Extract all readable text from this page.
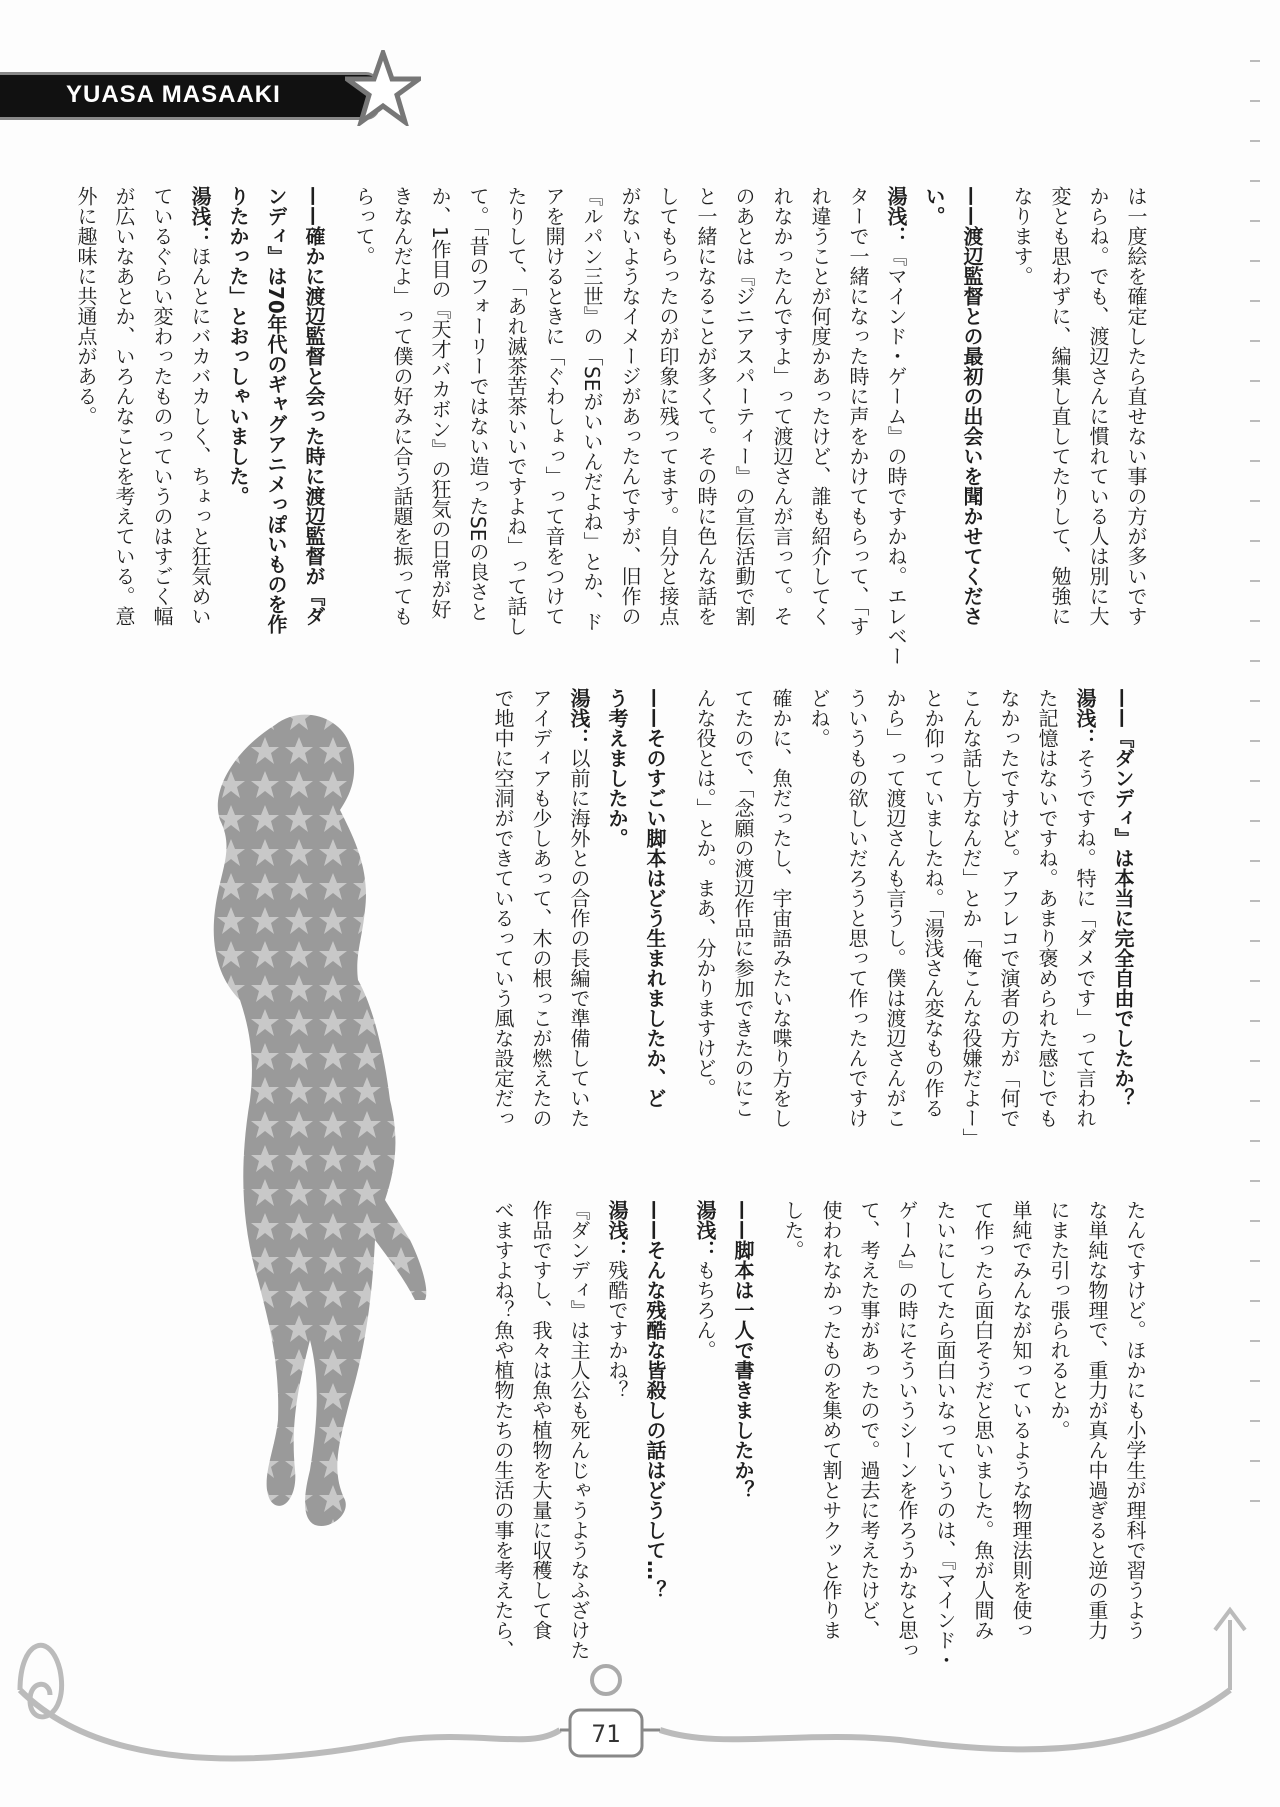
YUASA MASAAKI
は一度絵を確定したら直せない事の方が多いです
からね。でも、渡辺さんに慣れている人は別に大
変とも思わずに、編集し直してたりして、勉強に
なります。
——渡辺監督との最初の出会いを聞かせてくださ
い。
湯浅：『マインド・ゲーム』の時ですかね。エレベー
ターで一緒になった時に声をかけてもらって、「す
れ違うことが何度かあったけど、誰も紹介してく
れなかったんですよ」って渡辺さんが言って。そ
のあとは『ジニアスパーティー』の宣伝活動で割
と一緒になることが多くて。その時に色んな話を
してもらったのが印象に残ってます。自分と接点
がないようなイメージがあったんですが、旧作の
『ルパン三世』の「SEがいいんだよね」とか、ド
アを開けるときに「ぐわしょっ」って音をつけて
たりして、「あれ滅茶苦茶いいですよね」って話し
て。「昔のフォーリーではない造ったSEの良さと
か、1作目の『天才バカボン』の狂気の日常が好
きなんだよ」って僕の好みに合う話題を振っても
らって。
——確かに渡辺監督と会った時に渡辺監督が『ダ
ンディ』は70年代のギャグアニメっぽいものを作
りたかった」とおっしゃいました。
湯浅：ほんとにバカバカしく、ちょっと狂気めい
ているぐらい変わったものっていうのはすごく幅
が広いなあとか、いろんなことを考えている。意
外に趣味に共通点がある。
——『ダンディ』は本当に完全自由でしたか？
湯浅：そうですね。特に「ダメです」って言われ
た記憶はないですね。あまり褒められた感じでも
なかったですけど。アフレコで演者の方が「何で
こんな話し方なんだ」とか「俺こんな役嫌だよー」
とか仰っていましたね。「湯浅さん変なもの作る
から」って渡辺さんも言うし。僕は渡辺さんがこ
ういうもの欲しいだろうと思って作ったんですけ
どね。
確かに、魚だったし、宇宙語みたいな喋り方をし
てたので、「念願の渡辺作品に参加できたのにこ
んな役とは。」とか。まあ、分かりますけど。
——そのすごい脚本はどう生まれましたか、ど
う考えましたか。
湯浅：以前に海外との合作の長編で準備していた
アイディアも少しあって、木の根っこが燃えたの
で地中に空洞ができているっていう風な設定だっ
たんですけど。ほかにも小学生が理科で習うよう
な単純な物理で、重力が真ん中過ぎると逆の重力
にまた引っ張られるとか。
単純でみんなが知っているような物理法則を使っ
て作ったら面白そうだと思いました。魚が人間み
たいにしてたら面白いなっていうのは、『マインド・
ゲーム』の時にそういうシーンを作ろうかなと思っ
て、考えた事があったので。過去に考えたけど、
使われなかったものを集めて割とサクッと作りま
した。
——脚本は一人で書きましたか？
湯浅：もちろん。
——そんな残酷な皆殺しの話はどうして…？
湯浅：残酷ですかね？
『ダンディ』は主人公も死んじゃうようなふざけた
作品ですし、我々は魚や植物を大量に収穫して食
べますよね？魚や植物たちの生活の事を考えたら、
71
